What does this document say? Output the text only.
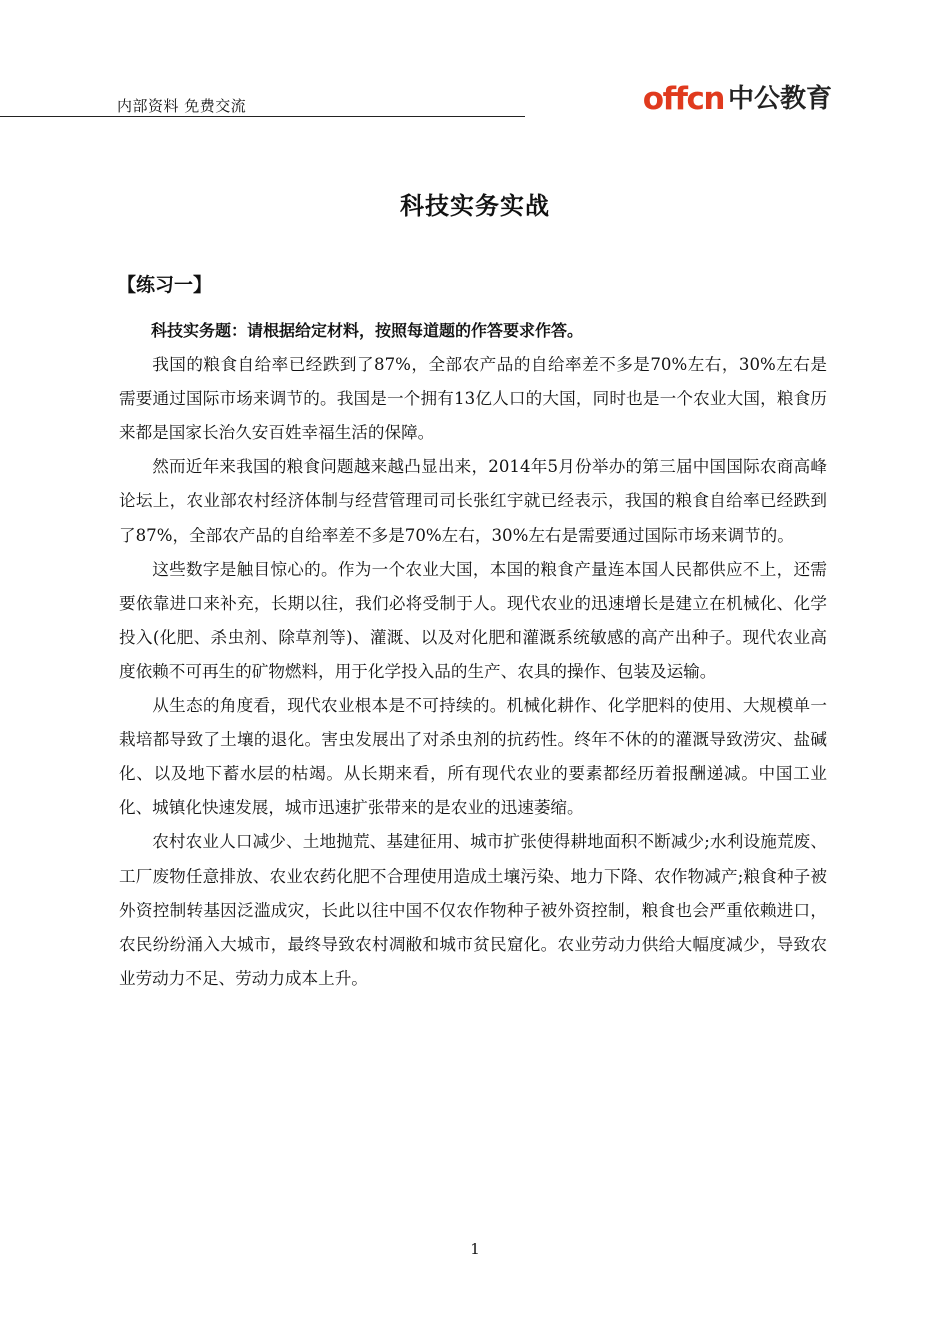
内部资料 免费交流	offcn 中公教育
科技实务实战
【练习一】

科技实务题：请根据给定材料，按照每道题的作答要求作答。

我国的粮食自给率已经跌到了87%，全部农产品的自给率差不多是70%左右，30%左右是需要通过国际市场来调节的。我国是一个拥有13亿人口的大国，同时也是一个农业大国，粮食历来都是国家长治久安百姓幸福生活的保障。

然而近年来我国的粮食问题越来越凸显出来，2014年5月份举办的第三届中国国际农商高峰论坛上，农业部农村经济体制与经营管理司司长张红宇就已经表示，我国的粮食自给率已经跌到了87%，全部农产品的自给率差不多是70%左右，30%左右是需要通过国际市场来调节的。

这些数字是触目惊心的。作为一个农业大国，本国的粮食产量连本国人民都供应不上，还需要依靠进口来补充，长期以往，我们必将受制于人。现代农业的迅速增长是建立在机械化、化学投入(化肥、杀虫剂、除草剂等)、灌溉、以及对化肥和灌溉系统敏感的高产出种子。现代农业高度依赖不可再生的矿物燃料，用于化学投入品的生产、农具的操作、包装及运输。

从生态的角度看，现代农业根本是不可持续的。机械化耕作、化学肥料的使用、大规模单一栽培都导致了土壤的退化。害虫发展出了对杀虫剂的抗药性。终年不休的的灌溉导致涝灾、盐碱化、以及地下蓄水层的枯竭。从长期来看，所有现代农业的要素都经历着报酬递减。中国工业化、城镇化快速发展，城市迅速扩张带来的是农业的迅速萎缩。

农村农业人口减少、土地抛荒、基建征用、城市扩张使得耕地面积不断减少;水利设施荒废、工厂废物任意排放、农业农药化肥不合理使用造成土壤污染、地力下降、农作物减产;粮食种子被外资控制转基因泛滥成灾，长此以往中国不仅农作物种子被外资控制，粮食也会严重依赖进口，农民纷纷涌入大城市，最终导致农村凋敝和城市贫民窟化。农业劳动力供给大幅度减少，导致农业劳动力不足、劳动力成本上升。

1
